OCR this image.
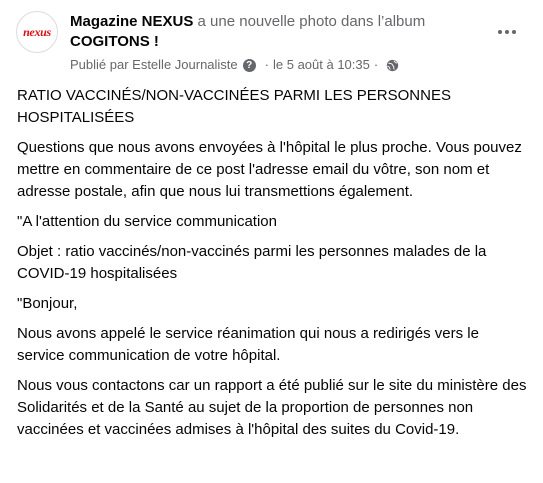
nexus
Magazine NEXUS a une nouvelle photo dans l’album
COGITONS !
Publié par Estelle Journaliste ? · le 5 août à 10:35 ·

RATIO VACCINÉS/NON-VACCINÉES PARMI LES PERSONNES HOSPITALISÉES

Questions que nous avons envoyées à l'hôpital le plus proche. Vous pouvez mettre en commentaire de ce post l'adresse email du vôtre, son nom et adresse postale, afin que nous lui transmettions également.

"A l'attention du service communication

Objet : ratio vaccinés/non-vaccinés parmi les personnes malades de la COVID-19 hospitalisées

"Bonjour,

Nous avons appelé le service réanimation qui nous a redirigés vers le service communication de votre hôpital.

Nous vous contactons car un rapport a été publié sur le site du ministère des Solidarités et de la Santé au sujet de la proportion de personnes non vaccinées et vaccinées admises à l'hôpital des suites du Covid-19.
